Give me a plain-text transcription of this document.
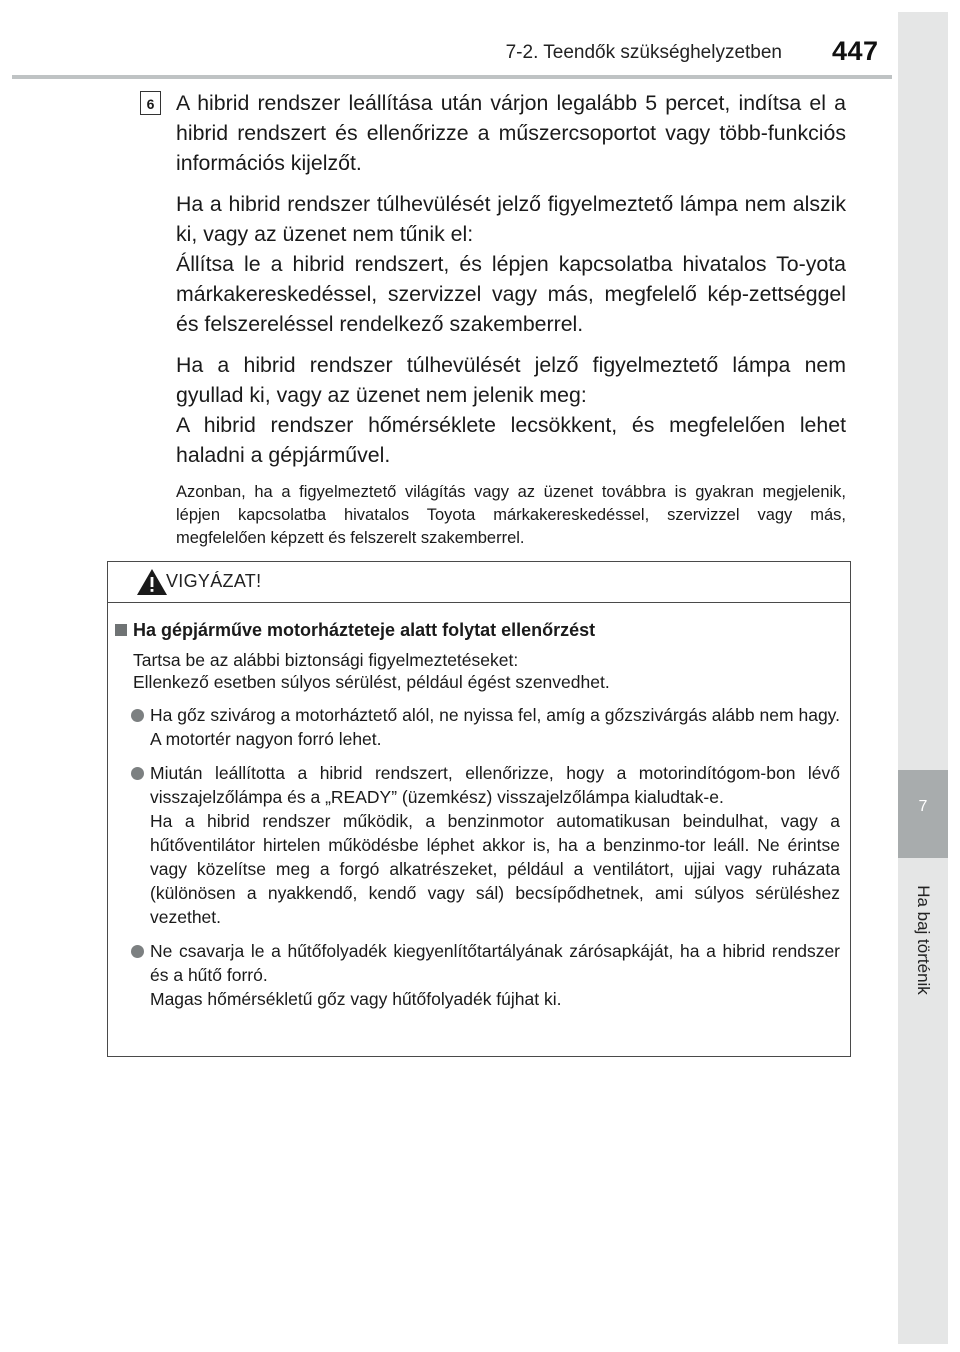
7-2. Teendők szükséghelyzetben 447
7
Ha baj történik
6	A hibrid rendszer leállítása után várjon legalább 5 percet, indítsa el a hibrid rendszert és ellenőrizze a műszercsoportot vagy több-funkciós információs kijelzőt.

Ha a hibrid rendszer túlhevülését jelző figyelmeztető lámpa nem alszik ki, vagy az üzenet nem tűnik el:

Állítsa le a hibrid rendszert, és lépjen kapcsolatba hivatalos To-yota márkakereskedéssel, szervizzel vagy más, megfelelő kép-zettséggel és felszereléssel rendelkező szakemberrel.

Ha a hibrid rendszer túlhevülését jelző figyelmeztető lámpa nem gyullad ki, vagy az üzenet nem jelenik meg:

A hibrid rendszer hőmérséklete lecsökkent, és megfelelően lehet haladni a gépjárművel.

Azonban, ha a figyelmeztető világítás vagy az üzenet továbbra is gyakran megjelenik, lépjen kapcsolatba hivatalos Toyota márkakereskedéssel, szervizzel vagy más, megfelelően képzett és felszerelt szakemberrel.

VIGYÁZAT!

Ha gépjárműve motorházteteje alatt folytat ellenőrzést

Tartsa be az alábbi biztonsági figyelmeztetéseket:
Ellenkező esetben súlyos sérülést, például égést szenvedhet.

Ha gőz szivárog a motorháztető alól, ne nyissa fel, amíg a gőzszivárgás alább nem hagy. A motortér nagyon forró lehet.
Miután leállította a hibrid rendszert, ellenőrizze, hogy a motorindítógom-bon lévő visszajelzőlámpa és a „READY” (üzemkész) visszajelzőlámpa kialudtak-e.
Ha a hibrid rendszer működik, a benzinmotor automatikusan beindulhat, vagy a hűtőventilátor hirtelen működésbe léphet akkor is, ha a benzinmo-tor leáll. Ne érintse vagy közelítse meg a forgó alkatrészeket, például a ventilátort, ujjai vagy ruházata (különösen a nyakkendő, kendő vagy sál) becsípődhetnek, ami súlyos sérüléshez vezethet.
Ne csavarja le a hűtőfolyadék kiegyenlítőtartályának zárósapkáját, ha a hibrid rendszer és a hűtő forró.
Magas hőmérsékletű gőz vagy hűtőfolyadék fújhat ki.
